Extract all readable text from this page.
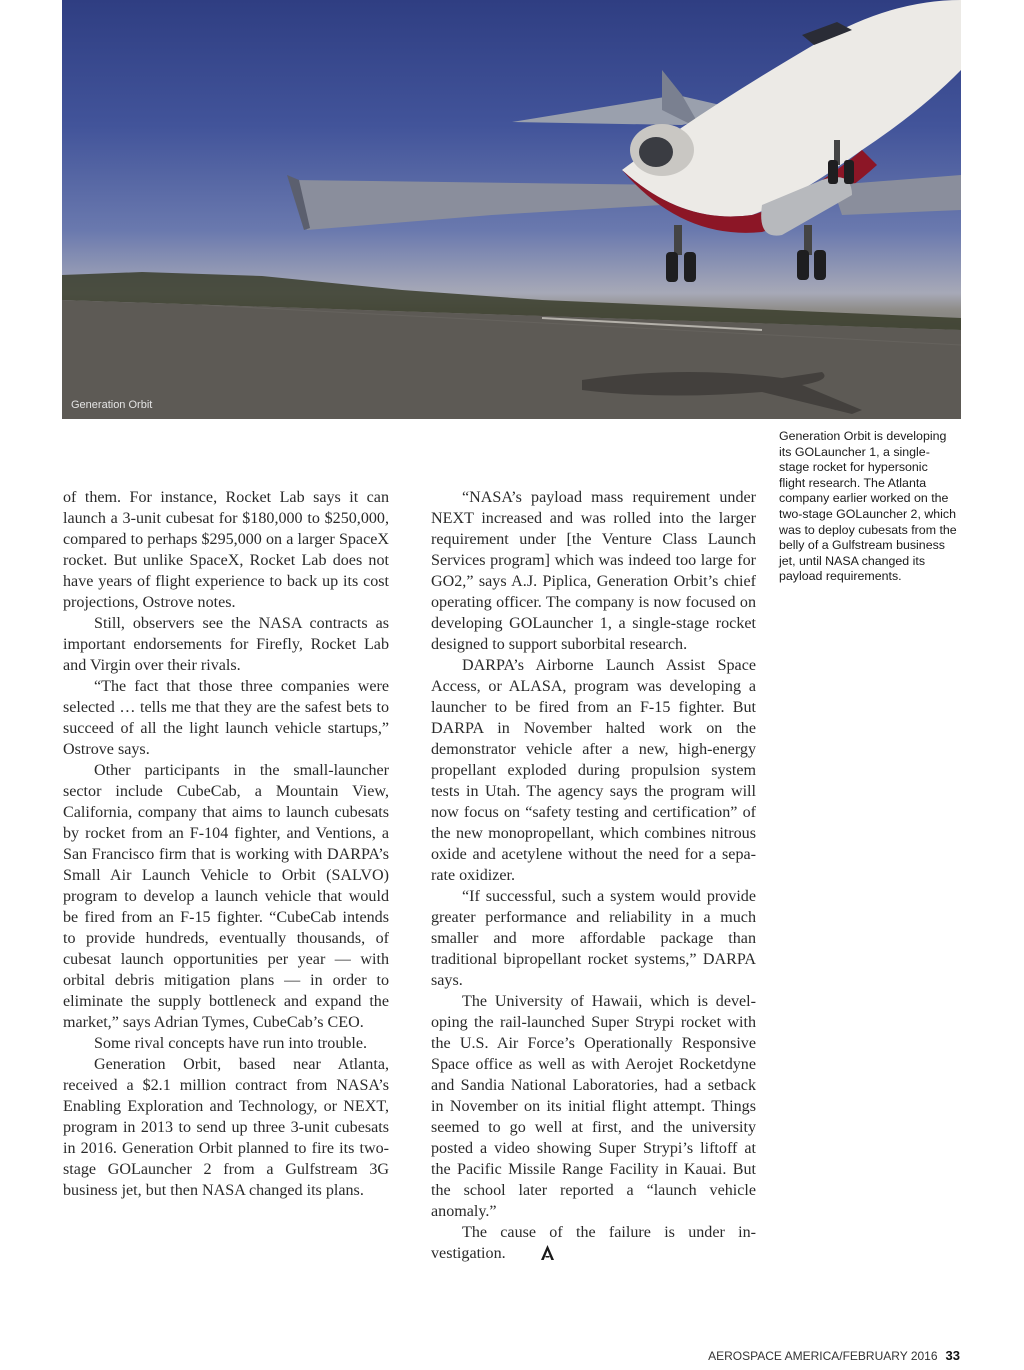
Generation Orbit
Generation Orbit is developing its GOLauncher 1, a single-stage rocket for hypersonic flight research. The Atlanta company earlier worked on the two-stage GOLauncher 2, which was to deploy cubesats from the belly of a Gulfstream business jet, until NASA changed its payload requirements.

of them. For instance, Rocket Lab says it can launch a 3-unit cubesat for $180,000 to $250,000, compared to perhaps $295,000 on a larger SpaceX rocket. But unlike SpaceX, Rocket Lab does not have years of flight experience to back up its cost projections, Ostrove notes.

Still, observers see the NASA contracts as important endorsements for Firefly, Rocket Lab and Virgin over their rivals.

“The fact that those three companies were selected … tells me that they are the safest bets to succeed of all the light launch vehicle startups,” Ostrove says.

Other participants in the small-launcher sector include CubeCab, a Mountain View, California, company that aims to launch cubesats by rocket from an F-104 fighter, and Ventions, a San Francisco firm that is working with DARPA’s Small Air Launch Vehicle to Orbit (SALVO) program to develop a launch vehicle that would be fired from an F-15 fighter. “CubeCab intends to provide hundreds, eventually thousands, of cubesat launch opportunities per year — with orbital debris mitigation plans — in order to eliminate the supply bottleneck and expand the market,” says Adrian Tymes, CubeCab’s CEO.

Some rival concepts have run into trouble.

Generation Orbit, based near Atlanta, received a $2.1 million contract from NASA’s Enabling Exploration and Technology, or NEXT, program in 2013 to send up three 3-unit cubesats in 2016. Generation Orbit planned to fire its two-stage GOLauncher 2 from a Gulfstream 3G business jet, but then NASA changed its plans.

“NASA’s payload mass requirement under NEXT increased and was rolled into the larger requirement under [the Venture Class Launch Services program] which was indeed too large for GO2,” says A.J. Piplica, Generation Orbit’s chief operating officer. The company is now focused on developing GOLauncher 1, a single-stage rocket designed to support suborbital research.

DARPA’s Airborne Launch Assist Space Access, or ALASA, program was developing a launcher to be fired from an F-15 fighter. But DARPA in November halted work on the demonstrator vehicle after a new, high-energy propellant exploded during propulsion system tests in Utah. The agency says the program will now focus on “safety testing and certification” of the new monopropellant, which combines nitrous oxide and acetylene without the need for a separate oxidizer.

“If successful, such a system would provide greater performance and reliability in a much smaller and more affordable package than traditional bipropellant rocket systems,” DARPA says.

The University of Hawaii, which is developing the rail-launched Super Strypi rocket with the U.S. Air Force’s Operationally Responsive Space office as well as with Aerojet Rocketdyne and Sandia National Laboratories, had a setback in November on its initial flight attempt. Things seemed to go well at first, and the university posted a video showing Super Strypi’s liftoff at the Pacific Missile Range Facility in Kauai. But the school later reported a “launch vehicle anomaly.”

The cause of the failure is under investigation.

AEROSPACE AMERICA/FEBRUARY 2016 33
